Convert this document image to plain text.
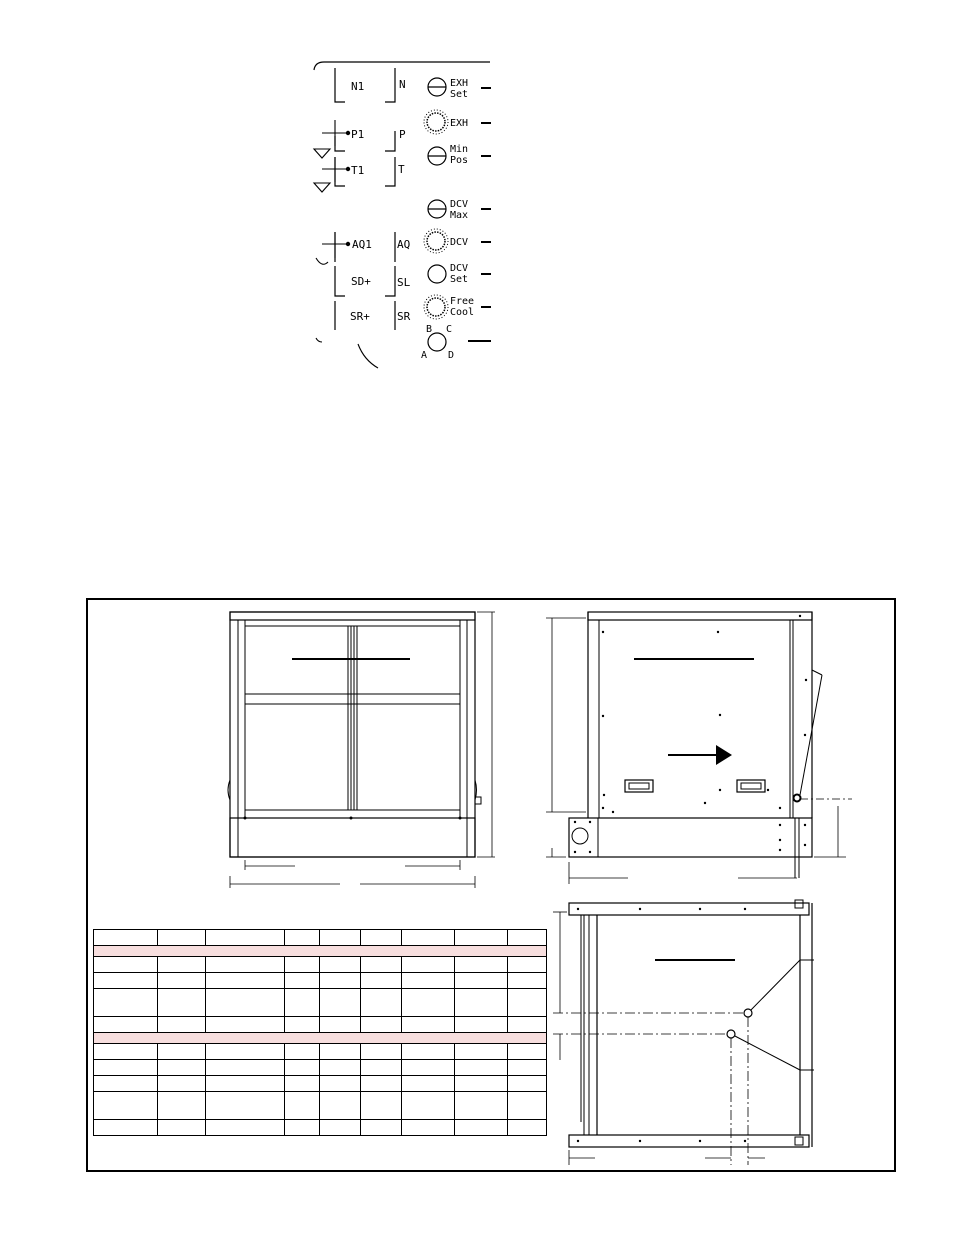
N1
P1
T1
AQ1
SD+
SR+
N
P
T
AQ
SL
SR
EXH
Set
EXH
Min
Pos
DCV
Max
DCV
DCV
Set
Free
Cool
B C
A D
